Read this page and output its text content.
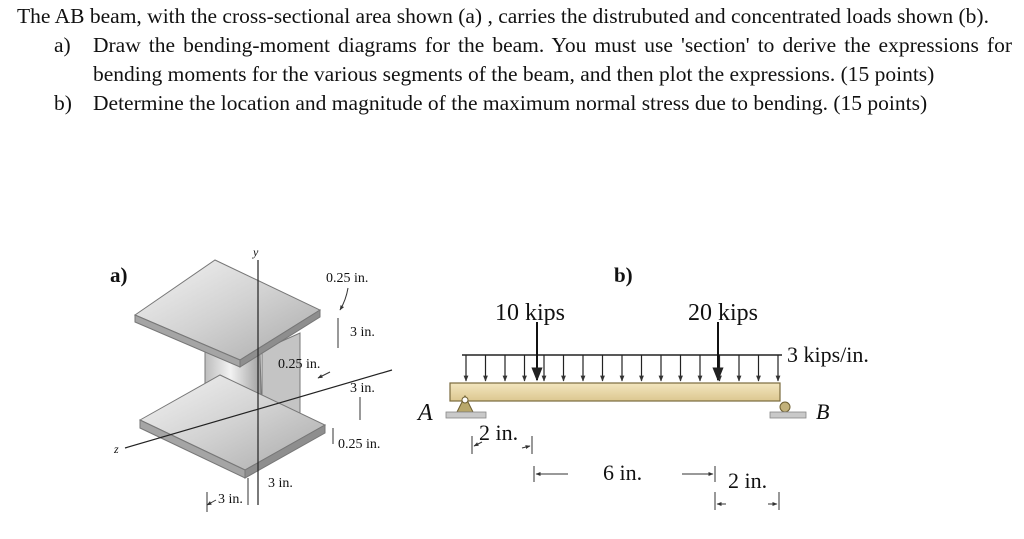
The AB beam, with the cross-sectional area shown (a) , carries the distrubuted and concentrated loads shown (b).

a) Draw the bending-moment diagrams for the beam. You must use 'section' to derive the expressions for bending moments for the various segments of the beam, and then plot the expressions. (15 points)
b) Determine the location and magnitude of the maximum normal stress due to bending. (15 points)
a)
y
z
0.25 in.
3 in.
0.25 in.
3 in.
0.25 in.
3 in.
3 in.
b)
3 kips/in.
10 kips	20 kips
A	B
2 in.
6 in.	2 in.
